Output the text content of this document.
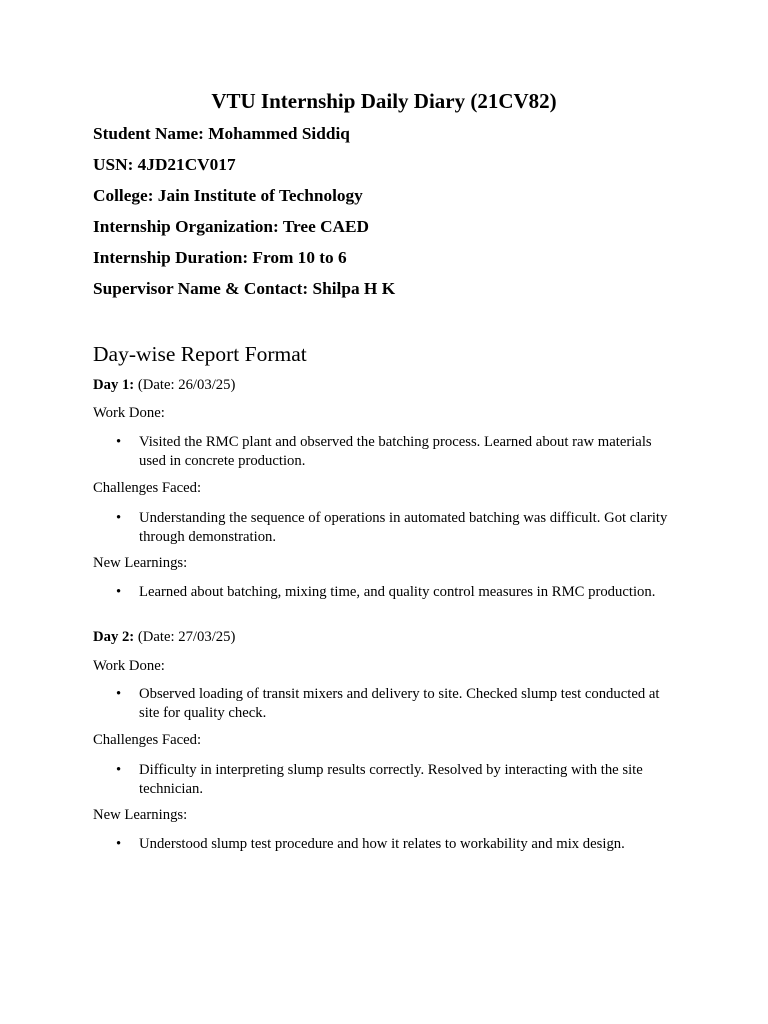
VTU Internship Daily Diary (21CV82)

Student Name: Mohammed Siddiq

USN: 4JD21CV017

College: Jain Institute of Technology

Internship Organization: Tree CAED

Internship Duration: From 10 to 6

Supervisor Name & Contact: Shilpa H K

Day-wise Report Format

Day 1: (Date: 26/03/25)

Work Done:

• Visited the RMC plant and observed the batching process. Learned about raw materials used in concrete production.

Challenges Faced:

• Understanding the sequence of operations in automated batching was difficult. Got clarity through demonstration.

New Learnings:

• Learned about batching, mixing time, and quality control measures in RMC production.

Day 2: (Date: 27/03/25)

Work Done:

• Observed loading of transit mixers and delivery to site. Checked slump test conducted at site for quality check.

Challenges Faced:

• Difficulty in interpreting slump results correctly. Resolved by interacting with the site technician.

New Learnings:

• Understood slump test procedure and how it relates to workability and mix design.
